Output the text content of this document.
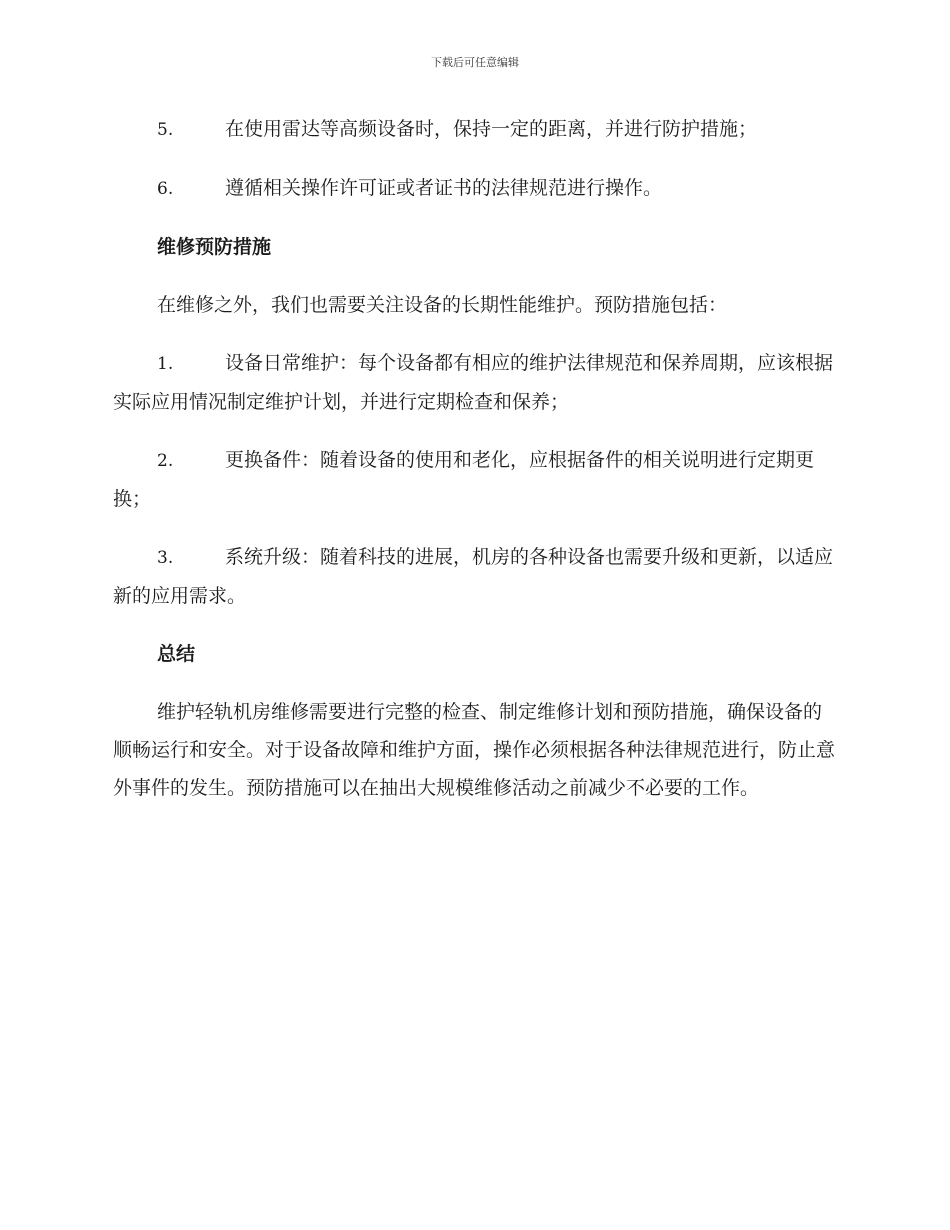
下载后可任意编辑
5.	在使用雷达等高频设备时，保持一定的距离，并进行防护措施；
6.	遵循相关操作许可证或者证书的法律规范进行操作。
维修预防措施
在维修之外，我们也需要关注设备的长期性能维护。预防措施包括：
1.	设备日常维护：每个设备都有相应的维护法律规范和保养周期，应该根据实际应用情况制定维护计划，并进行定期检查和保养；
2.	更换备件：随着设备的使用和老化，应根据备件的相关说明进行定期更换；
3.	系统升级：随着科技的进展，机房的各种设备也需要升级和更新，以适应新的应用需求。
总结
维护轻轨机房维修需要进行完整的检查、制定维修计划和预防措施，确保设备的顺畅运行和安全。对于设备故障和维护方面，操作必须根据各种法律规范进行，防止意外事件的发生。预防措施可以在抽出大规模维修活动之前减少不必要的工作。
